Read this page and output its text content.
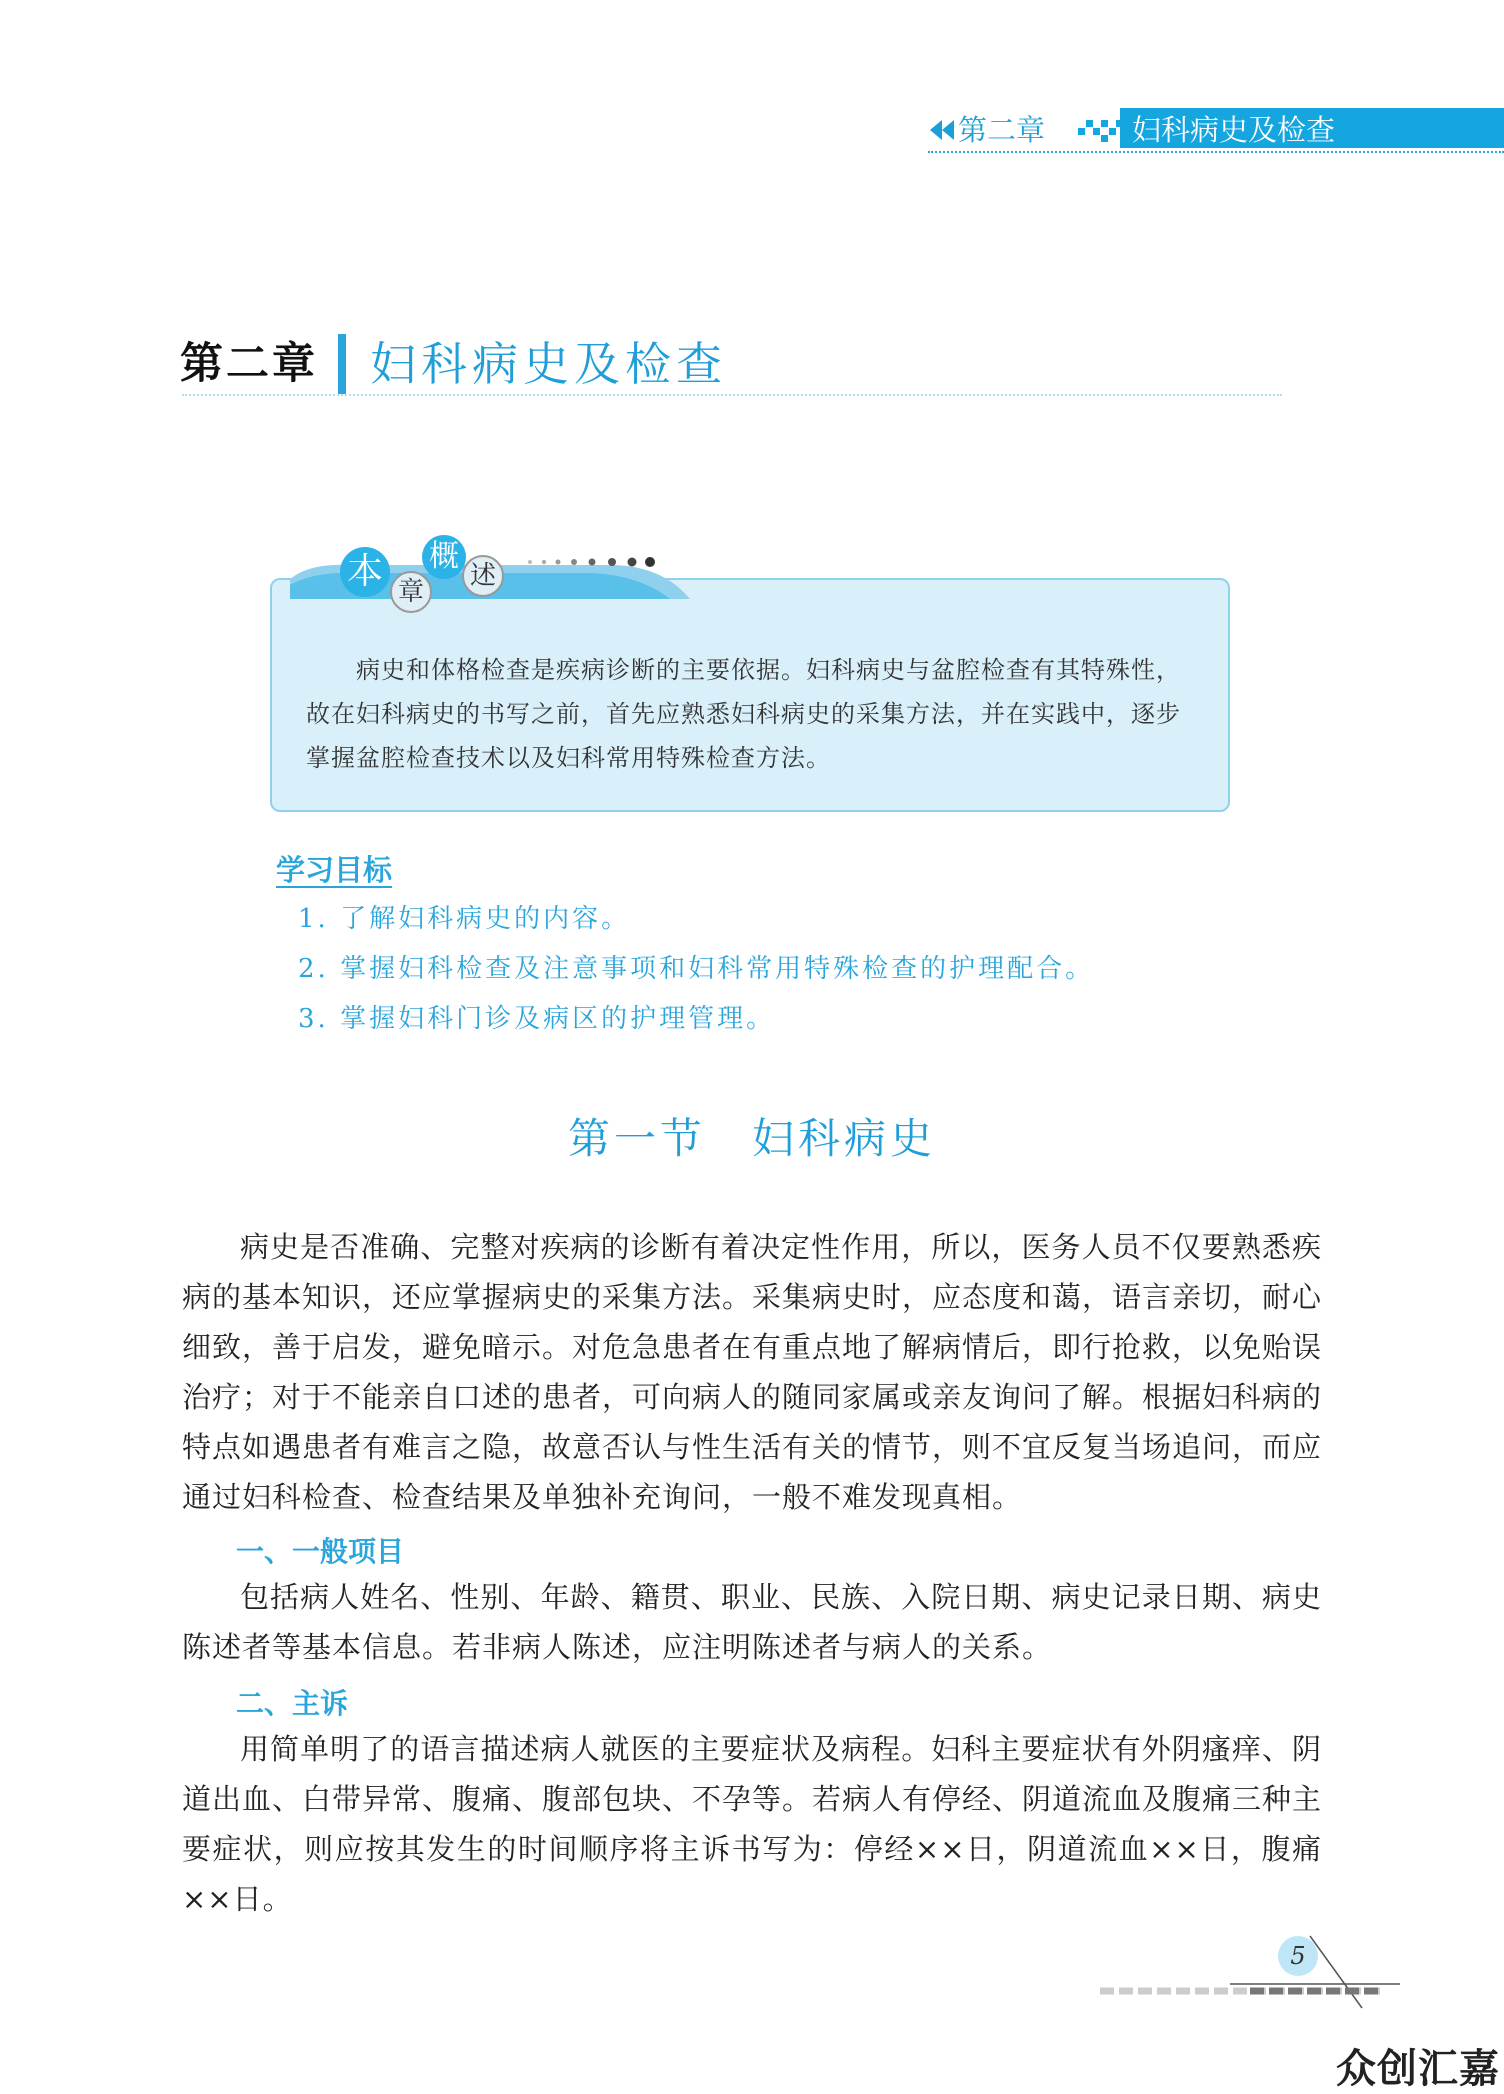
第二章	妇科病史及检查
第二章 妇科病史及检查
本 章
概
述
病史和体格检查是疾病诊断的主要依据。妇科病史与盆腔检查有其特殊性，故在妇科病史的书写之前，首先应熟悉妇科病史的采集方法，并在实践中，逐步掌握盆腔检查技术以及妇科常用特殊检查方法。
学习目标
1. 了解妇科病史的内容。
2. 掌握妇科检查及注意事项和妇科常用特殊检查的护理配合。
3. 掌握妇科门诊及病区的护理管理。
第一节　妇科病史
病史是否准确、完整对疾病的诊断有着决定性作用，所以，医务人员不仅要熟悉疾病的基本知识，还应掌握病史的采集方法。采集病史时，应态度和蔼，语言亲切，耐心细致，善于启发，避免暗示。对危急患者在有重点地了解病情后，即行抢救，以免贻误治疗；对于不能亲自口述的患者，可向病人的随同家属或亲友询问了解。根据妇科病的特点如遇患者有难言之隐，故意否认与性生活有关的情节，则不宜反复当场追问，而应通过妇科检查、检查结果及单独补充询问，一般不难发现真相。
一、一般项目
包括病人姓名、性别、年龄、籍贯、职业、民族、入院日期、病史记录日期、病史陈述者等基本信息。若非病人陈述，应注明陈述者与病人的关系。
二、主诉
用简单明了的语言描述病人就医的主要症状及病程。妇科主要症状有外阴瘙痒、阴道出血、白带异常、腹痛、腹部包块、不孕等。若病人有停经、阴道流血及腹痛三种主要症状，则应按其发生的时间顺序将主诉书写为：停经××日，阴道流血××日，腹痛××日。
5
众创汇嘉
